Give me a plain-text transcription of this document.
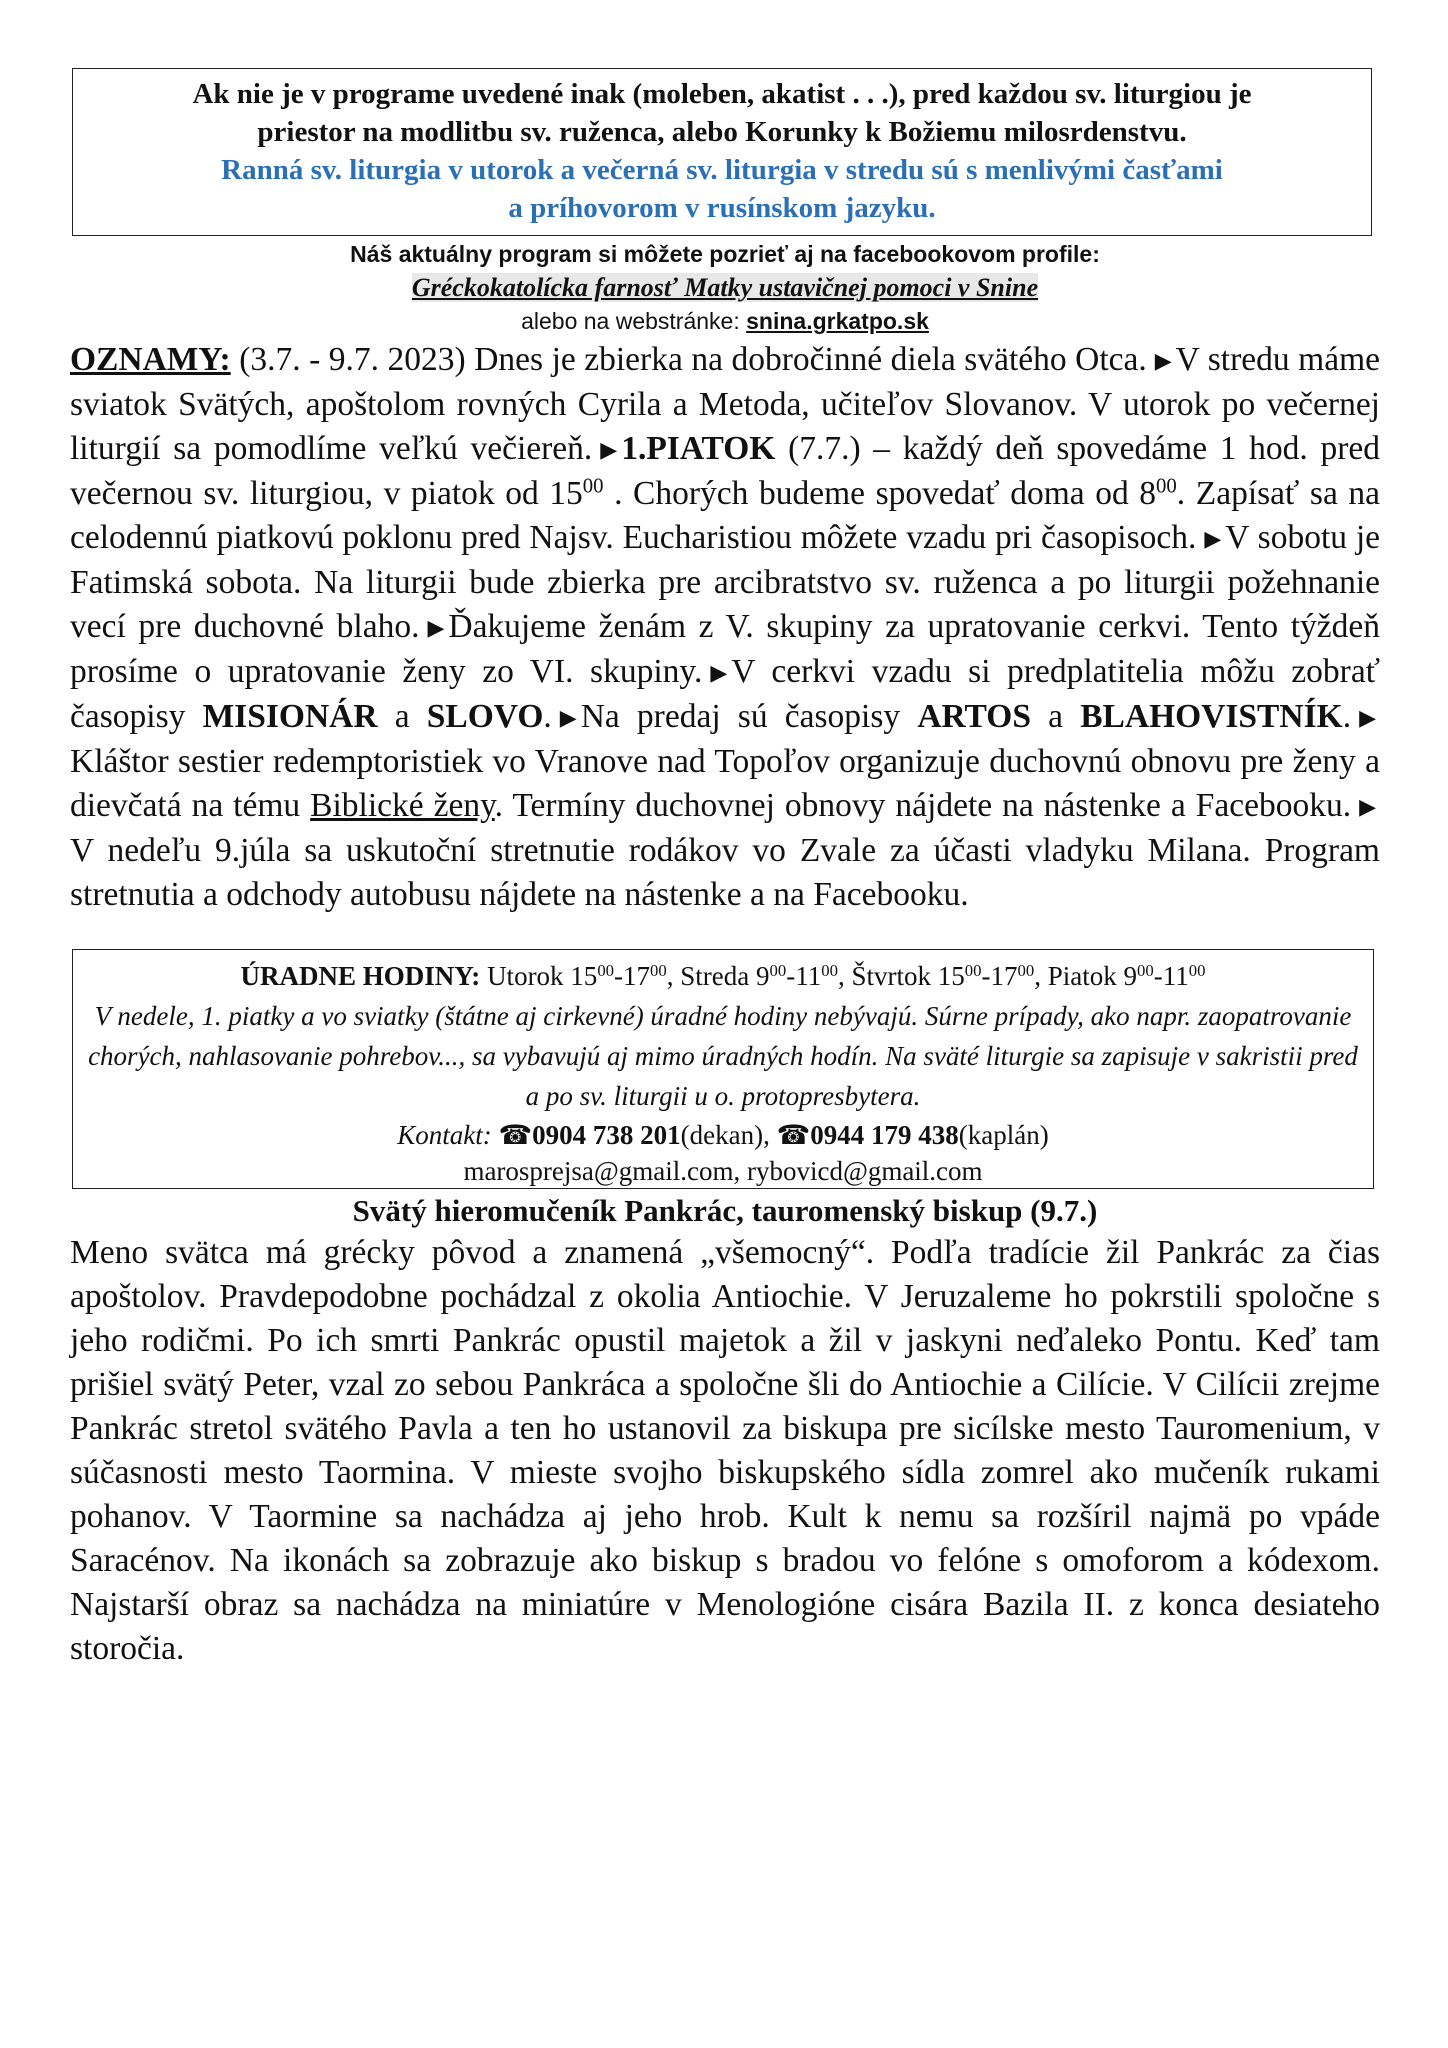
Ak nie je v programe uvedené inak (moleben, akatist . . .), pred každou sv. liturgiou je
priestor na modlitbu sv. ruženca, alebo Korunky k Božiemu milosrdenstvu.
Ranná sv. liturgia v utorok a večerná sv. liturgia v stredu sú s menlivými časťami
a príhovorom v rusínskom jazyku.
Náš aktuálny program si môžete pozrieť aj na facebookovom profile:
Gréckokatolícka farnosť Matky ustavičnej pomoci v Snine
alebo na webstránke: snina.grkatpo.sk
OZNAMY: (3.7. - 9.7. 2023) Dnes je zbierka na dobročinné diela svätého Otca. ▶ V stredu máme sviatok Svätých, apoštolom rovných Cyrila a Metoda, učiteľov Slovanov. V utorok po večernej liturgií sa pomodlíme veľkú večiereň. ▶ 1.PIATOK (7.7.) – každý deň spovedáme 1 hod. pred večernou sv. liturgiou, v piatok od $15^{00}$ . Chorých budeme spovedať doma od $8^{00}$. Zapísať sa na celodennú piatkovú poklonu pred Najsv. Eucharistiou môžete vzadu pri časopisoch. ▶ V sobotu je Fatimská sobota. Na liturgii bude zbierka pre arcibratstvo sv. ruženca a po liturgii požehnanie vecí pre duchovné blaho. ▶ Ďakujeme ženám z V. skupiny za upratovanie cerkvi. Tento týždeň prosíme o upratovanie ženy zo VI. skupiny. ▶ V cerkvi vzadu si predplatitelia môžu zobrať časopisy MISIONÁR a SLOVO. ▶ Na predaj sú časopisy ARTOS a BLAHOVISTNÍK. ▶Kláštor sestier redemptoristiek vo Vranove nad Topoľov organizuje duchovnú obnovu pre ženy a dievčatá na tému Biblické ženy. Termíny duchovnej obnovy nájdete na nástenke a Facebooku. ▶V nedeľu 9.júla sa uskutoční stretnutie rodákov vo Zvale za účasti vladyku Milana. Program stretnutia a odchody autobusu nájdete na nástenke a na Facebooku.
ÚRADNE HODINY: Utorok $15^{00}-17^{00}$, Streda $9^{00}-11^{00}$, Štvrtok $15^{00}-17^{00}$, Piatok $9^{00}-11^{00}$
V nedele, 1. piatky a vo sviatky (štátne aj cirkevné) úradné hodiny nebývajú. Súrne prípady, ako napr. zaopatrovanie chorých, nahlasovanie pohrebov..., sa vybavujú aj mimo úradných hodín. Na sväté liturgie sa zapisuje v sakristii pred a po sv. liturgii u o. protopresbytera.
Kontakt: ☎0904 738 201(dekan), ☎0944 179 438(kaplán)
marosprejsa@gmail.com, rybovicd@gmail.com
Svätý hieromučeník Pankrác, tauromenský biskup (9.7.)
Meno svätca má grécky pôvod a znamená „všemocný“. Podľa tradície žil Pankrác za čias apoštolov. Pravdepodobne pochádzal z okolia Antiochie. V Jeruzaleme ho pokrstili spoločne s jeho rodičmi. Po ich smrti Pankrác opustil majetok a žil v jaskyni neďaleko Pontu. Keď tam prišiel svätý Peter, vzal zo sebou Pankráca a spoločne šli do Antiochie a Cilície. V Cilícii zrejme Pankrác stretol svätého Pavla a ten ho ustanovil za biskupa pre sicílske mesto Tauromenium, v súčasnosti mesto Taormina. V mieste svojho biskupského sídla zomrel ako mučeník rukami pohanov. V Taormine sa nachádza aj jeho hrob. Kult k nemu sa rozšíril najmä po vpáde Saracénov. Na ikonách sa zobrazuje ako biskup s bradou vo felóne s omoforom a kódexom. Najstarší obraz sa nachádza na miniatúre v Menologióne cisára Bazila II. z konca desiateho storočia.
